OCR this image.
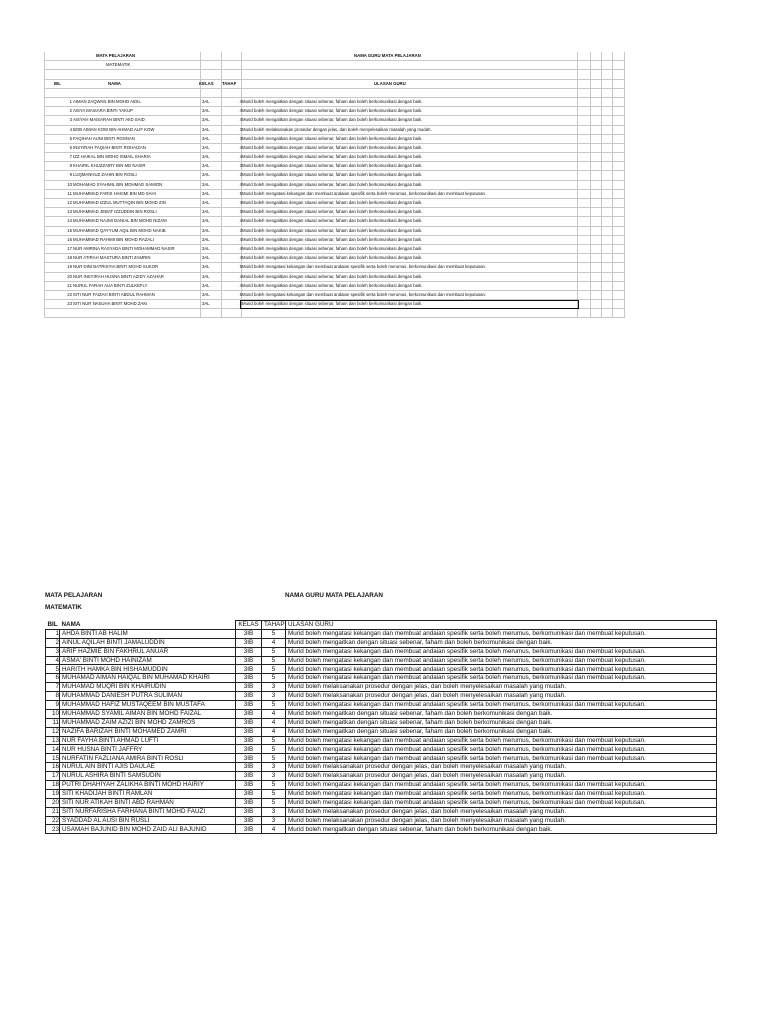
MATA PELAJARAN	NAMA GURU MATA PELAJARAN
MATEMATIK
BIL	NAMA	KELAS TAHAP	ULASAN GURU
1 AIMAN ZAQWAN BIN MOHD AIDIL	3AL	4 Murid boleh mengaitkan dengan situasi sebenar, faham dan boleh berkomunikasi dengan baik.
2 AISYA MAISARA BINTI YAKUP	3AL	4 Murid boleh mengaitkan dengan situasi sebenar, faham dan boleh berkomunikasi dengan baik.
3 AISYAH MAISARAH BINTI AIID SAID	3AL	4 Murid boleh mengaitkan dengan situasi sebenar, faham dan boleh berkomunikasi dengan baik.
4 BOB AIMAN KOW BIN AHMAD ALIF KOW	3AL	3 Murid boleh melaksanakan prosedur dengan jelas, dan boleh menyelesaikan masalah yang mudah.
5 FAQIHAH AUNI BINTI ROSNAN	3AL	3 Murid boleh mengaitkan dengan situasi sebenar, faham dan boleh berkomunikasi dengan baik.
6 INSYIRAH FAQIAH BINTI ROHAIZAN	3AL	4 Murid boleh mengaitkan dengan situasi sebenar, faham dan boleh berkomunikasi dengan baik.
7 IZZ HAIKAL BIN MOHD ISMAIL SHARIA	3AL	4 Murid boleh mengaitkan dengan situasi sebenar, faham dan boleh berkomunikasi dengan baik.
8 KHAIRIL KHUZZAIRY BIN MD NASIR	3AL	3 Murid boleh mengaitkan dengan situasi sebenar, faham dan boleh berkomunikasi dengan baik.
9 LUQMANHUZ ZAHIN BIN ROSLI	3AL	3 Murid boleh mengaitkan dengan situasi sebenar, faham dan boleh berkomunikasi dengan baik.
10 MOHAMAD SYAHMIL BIN MOHMAD SAMION	3AL	4 Murid boleh mengaitkan dengan situasi sebenar, faham dan boleh berkomunikasi dengan baik.
11 MUHAMMAD FARIS HAKIMI BIN MD SAHI	3AL	5 Murid boleh mengatasi kekangan dan membuat andaian spesifik serta boleh merumus, berkomunikasi dan membuat keputusan.
12 MUHAMMAD IZZUL MUTTAQIN BIN MOHD ZIN	3AL	4 Murid boleh mengaitkan dengan situasi sebenar, faham dan boleh berkomunikasi dengan baik.
13 MUHAMMAD JEBAT IZZUDDIN BIN ROSLI	3AL	3 Murid boleh mengaitkan dengan situasi sebenar, faham dan boleh berkomunikasi dengan baik.
14 MUHAMMAD NAJMI DANIAL BIN MOHD NIZAM	3AL	4 Murid boleh mengaitkan dengan situasi sebenar, faham dan boleh berkomunikasi dengan baik.
15 MUHAMMAD QAYYUM AQIL BIN MOHD NAKIB	3AL	3 Murid boleh mengaitkan dengan situasi sebenar, faham dan boleh berkomunikasi dengan baik.
16 MUHAMMAD RAHIMI BIN MOHD RAZALI	3AL	4 Murid boleh mengaitkan dengan situasi sebenar, faham dan boleh berkomunikasi dengan baik.
17 NUR AMRINA RASYADA BINTI MOHAMMAD NASIR	3AL	4 Murid boleh mengaitkan dengan situasi sebenar, faham dan boleh berkomunikasi dengan baik.
18 NUR ATIRAH MASTURA BINTI ZAMRIN	3AL	4 Murid boleh mengaitkan dengan situasi sebenar, faham dan boleh berkomunikasi dengan baik.
19 NUR DINI BATRISYIA BINTI MOHD SUKOR	3AL	5 Murid boleh mengatasi kekangan dan membuat andaian spesifik serta boleh merumus, berkomunikasi dan membuat keputusan.
20 NUR INSYIRAH HUSNA BINTI AZIDY AZAHAR	3AL	4 Murid boleh mengaitkan dengan situasi sebenar, faham dan boleh berkomunikasi dengan baik.
21 NURUL FARAH AUA BINTI ZULKEFLY	3AL	4 Murid boleh mengaitkan dengan situasi sebenar, faham dan boleh berkomunikasi dengan baik.
22 SITI NUR FAIZAH BINTI ABDUL RAHMAN	3AL	5 Murid boleh mengatasi kekangan dan membuat andaian spesifik serta boleh merumus, berkomunikasi dan membuat keputusan.
23 SITI NUR NASUHA BINTI MOHD ZAKI	3AL	4 Murid boleh mengaitkan dengan situasi sebenar, faham dan boleh berkomunikasi dengan baik.
MATA PELAJARAN
MATEMATIK
NAMA GURU MATA PELAJARAN
BIL	NAMA	KELAS	TAHAP	ULASAN GURU
1	AHDA BINTI AB HALIM	3IB	5	Murid boleh mengatasi kekangan dan membuat andaian spesifik serta boleh merumus, berkomunikasi dan membuat keputusan.
2	AINUL AQILAH BINTI JAMALUDDIN	3IB	4	Murid boleh mengaitkan dengan situasi sebenar, faham dan boleh berkomunikasi dengan baik.
3	ARIF HAZMIE BIN FAKHRUL ANUAR	3IB	5	Murid boleh mengatasi kekangan dan membuat andaian spesifik serta boleh merumus, berkomunikasi dan membuat keputusan.
4	ASMA' BINTI MOHD HAINIZAM	3IB	5	Murid boleh mengatasi kekangan dan membuat andaian spesifik serta boleh merumus, berkomunikasi dan membuat keputusan.
5	HARITH HAMKA BIN HISHAMUDDIN	3IB	5	Murid boleh mengatasi kekangan dan membuat andaian spesifik serta boleh merumus, berkomunikasi dan membuat keputusan.
6	MUHAMAD AIMAN HAIQAL BIN MUHAMAD KHAIRI	3IB	5	Murid boleh mengatasi kekangan dan membuat andaian spesifik serta boleh merumus, berkomunikasi dan membuat keputusan.
7	MUHAMAD MUQRI BIN KHAIRUDIN	3IB	3	Murid boleh melaksanakan prosedur dengan jelas, dan boleh menyelesaikan masalah yang mudah.
8	MUHAMMAD DANIESH PUTRA SULIMAN	3IB	3	Murid boleh melaksanakan prosedur dengan jelas, dan boleh menyelesaikan masalah yang mudah.
9	MUHAMMAD HAFIZ MUSTAQEEM BIN MUSTAFA	3IB	5	Murid boleh mengatasi kekangan dan membuat andaian spesifik serta boleh merumus, berkomunikasi dan membuat keputusan.
10	MUHAMMAD SYAMIL AIMAN BIN MOHD FAIZAL	3IB	4	Murid boleh mengaitkan dengan situasi sebenar, faham dan boleh berkomunikasi dengan baik.
11	MUHAMMAD ZAIM AZIZI BIN MOHD ZAMROS	3IB	4	Murid boleh mengaitkan dengan situasi sebenar, faham dan boleh berkomunikasi dengan baik.
12	NAZIFA BARIZAH BINTI MOHAMED ZAMRI	3IB	4	Murid boleh mengaitkan dengan situasi sebenar, faham dan boleh berkomunikasi dengan baik.
13	NUR FAYHA BINTI AHMAD LUFTI	3IB	5	Murid boleh mengatasi kekangan dan membuat andaian spesifik serta boleh merumus, berkomunikasi dan membuat keputusan.
14	NUR HUSNA BINTI JAFFRY	3IB	5	Murid boleh mengatasi kekangan dan membuat andaian spesifik serta boleh merumus, berkomunikasi dan membuat keputusan.
15	NURFATIN FAZLIANA AMIRA BINTI ROSLI	3IB	5	Murid boleh mengatasi kekangan dan membuat andaian spesifik serta boleh merumus, berkomunikasi dan membuat keputusan.
16	NURUL AIN BINTI AJIS DAULAE	3IB	3	Murid boleh melaksanakan prosedur dengan jelas, dan boleh menyelesaikan masalah yang mudah.
17	NURUL ASHIRA BINTI SAMSUDIN	3IB	3	Murid boleh melaksanakan prosedur dengan jelas, dan boleh menyelesaikan masalah yang mudah.
18	PUTRI DHAHIYAH ZALIKHA BINTI MOHD HAIRIY	3IB	5	Murid boleh mengatasi kekangan dan membuat andaian spesifik serta boleh merumus, berkomunikasi dan membuat keputusan.
19	SITI KHADIJAH BINTI RAMLAN	3IB	5	Murid boleh mengatasi kekangan dan membuat andaian spesifik serta boleh merumus, berkomunikasi dan membuat keputusan.
20	SITI NUR ATIKAH BINTI ABD RAHMAN	3IB	5	Murid boleh mengatasi kekangan dan membuat andaian spesifik serta boleh merumus, berkomunikasi dan membuat keputusan.
21	SITI NURFARISHA FARHANA BINTI MOHD FAUZI	3IB	3	Murid boleh melaksanakan prosedur dengan jelas, dan boleh menyelesaikan masalah yang mudah.
22	SYADDAD AL AUSI BIN RUSLI	3IB	3	Murid boleh melaksanakan prosedur dengan jelas, dan boleh menyelesaikan masalah yang mudah.
23	USAMAH BAJUNID BIN MOHD ZAID ALI BAJUNID	3IB	4	Murid boleh mengaitkan dengan situasi sebenar, faham dan boleh berkomunikasi dengan baik.
